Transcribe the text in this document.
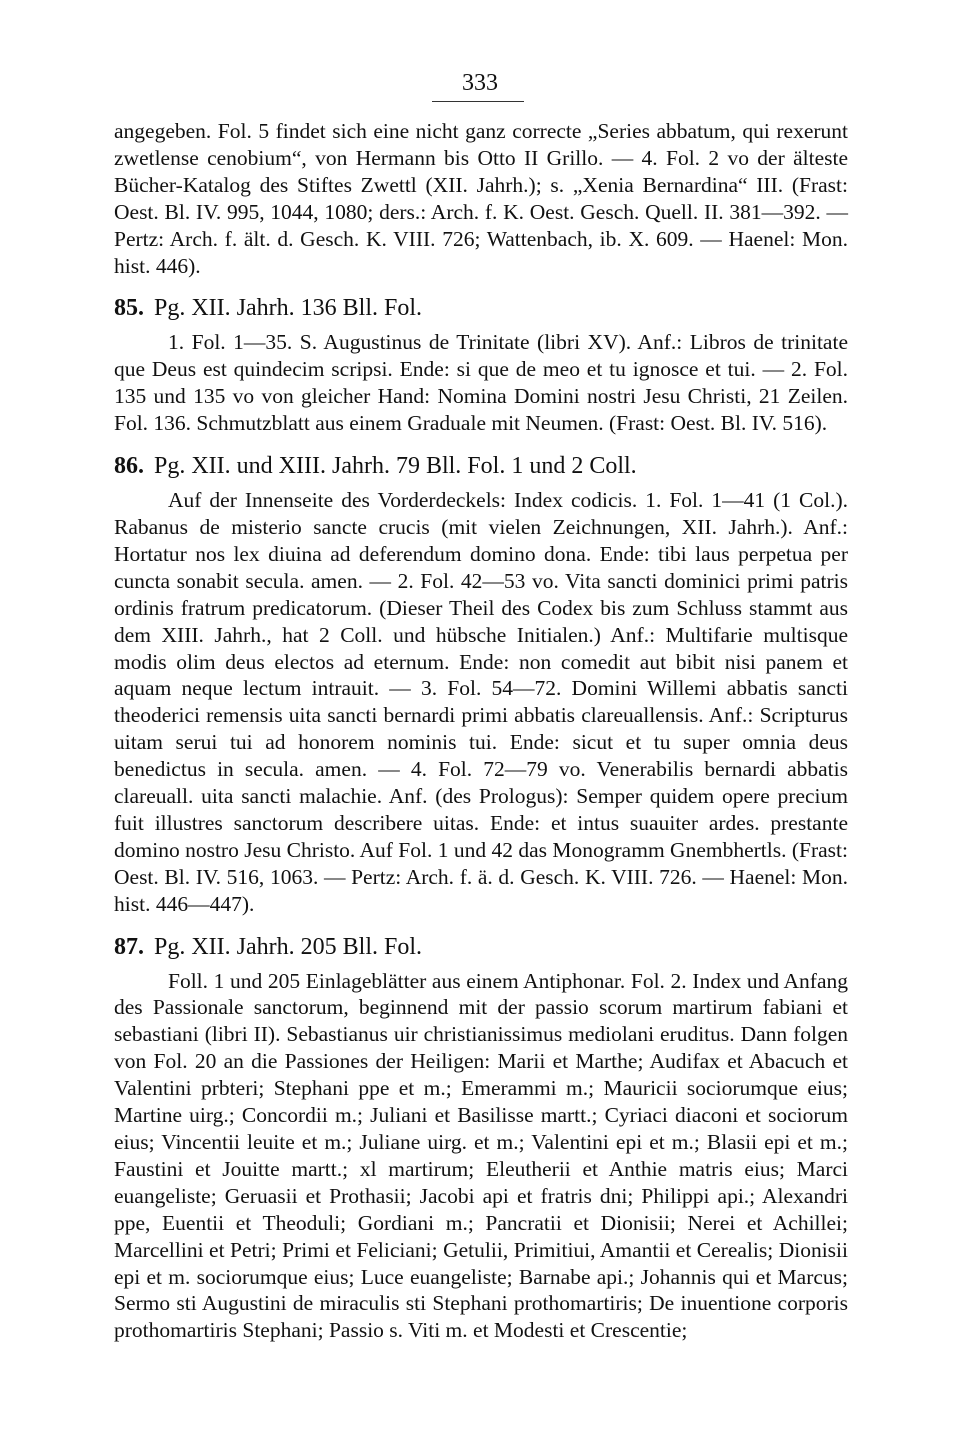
333

angegeben. Fol. 5 findet sich eine nicht ganz correcte „Series abbatum, qui rexerunt zwetlense cenobium“, von Hermann bis Otto II Grillo. — 4. Fol. 2 vo der älteste Bücher-Katalog des Stiftes Zwettl (XII. Jahrh.); s. „Xenia Bernardina“ III. (Frast: Oest. Bl. IV. 995, 1044, 1080; ders.: Arch. f. K. Oest. Gesch. Quell. II. 381—392. — Pertz: Arch. f. ält. d. Gesch. K. VIII. 726; Wattenbach, ib. X. 609. — Haenel: Mon. hist. 446).

85. Pg. XII. Jahrh. 136 Bll. Fol.

1. Fol. 1—35. S. Augustinus de Trinitate (libri XV). Anf.: Libros de trinitate que Deus est quindecim scripsi. Ende: si que de meo et tu ignosce et tui. — 2. Fol. 135 und 135 vo von gleicher Hand: Nomina Domini nostri Jesu Christi, 21 Zeilen. Fol. 136. Schmutzblatt aus einem Graduale mit Neumen. (Frast: Oest. Bl. IV. 516).

86. Pg. XII. und XIII. Jahrh. 79 Bll. Fol. 1 und 2 Coll.

Auf der Innenseite des Vorderdeckels: Index codicis. 1. Fol. 1—41 (1 Col.). Rabanus de misterio sancte crucis (mit vielen Zeichnungen, XII. Jahrh.). Anf.: Hortatur nos lex diuina ad deferendum domino dona. Ende: tibi laus perpetua per cuncta sonabit secula. amen. — 2. Fol. 42—53 vo. Vita sancti dominici primi patris ordinis fratrum predicatorum. (Dieser Theil des Codex bis zum Schluss stammt aus dem XIII. Jahrh., hat 2 Coll. und hübsche Initialen.) Anf.: Multifarie multisque modis olim deus electos ad eternum. Ende: non comedit aut bibit nisi panem et aquam neque lectum intrauit. — 3. Fol. 54—72. Domini Willemi abbatis sancti theoderici remensis uita sancti bernardi primi abbatis clareuallensis. Anf.: Scripturus uitam serui tui ad honorem nominis tui. Ende: sicut et tu super omnia deus benedictus in secula. amen. — 4. Fol. 72—79 vo. Venerabilis bernardi abbatis clareuall. uita sancti malachie. Anf. (des Prologus): Semper quidem opere precium fuit illustres sanctorum describere uitas. Ende: et intus suauiter ardes. prestante domino nostro Jesu Christo. Auf Fol. 1 und 42 das Monogramm Gnembhertls. (Frast: Oest. Bl. IV. 516, 1063. — Pertz: Arch. f. ä. d. Gesch. K. VIII. 726. — Haenel: Mon. hist. 446—447).

87. Pg. XII. Jahrh. 205 Bll. Fol.

Foll. 1 und 205 Einlageblätter aus einem Antiphonar. Fol. 2. Index und Anfang des Passionale sanctorum, beginnend mit der passio scorum martirum fabiani et sebastiani (libri II). Sebastianus uir christianissimus mediolani eruditus. Dann folgen von Fol. 20 an die Passiones der Heiligen: Marii et Marthe; Audifax et Abacuch et Valentini prbteri; Stephani ppe et m.; Emerammi m.; Mauricii sociorumque eius; Martine uirg.; Concordii m.; Juliani et Basilisse martt.; Cyriaci diaconi et sociorum eius; Vincentii leuite et m.; Juliane uirg. et m.; Valentini epi et m.; Blasii epi et m.; Faustini et Jouitte martt.; xl martirum; Eleutherii et Anthie matris eius; Marci euangeliste; Geruasii et Prothasii; Jacobi api et fratris dni; Philippi api.; Alexandri ppe, Euentii et Theoduli; Gordiani m.; Pancratii et Dionisii; Nerei et Achillei; Marcellini et Petri; Primi et Feliciani; Getulii, Primitiui, Amantii et Cerealis; Dionisii epi et m. sociorumque eius; Luce euangeliste; Barnabe api.; Johannis qui et Marcus; Sermo sti Augustini de miraculis sti Stephani prothomartiris; De inuentione corporis prothomartiris Stephani; Passio s. Viti m. et Modesti et Crescentie;
